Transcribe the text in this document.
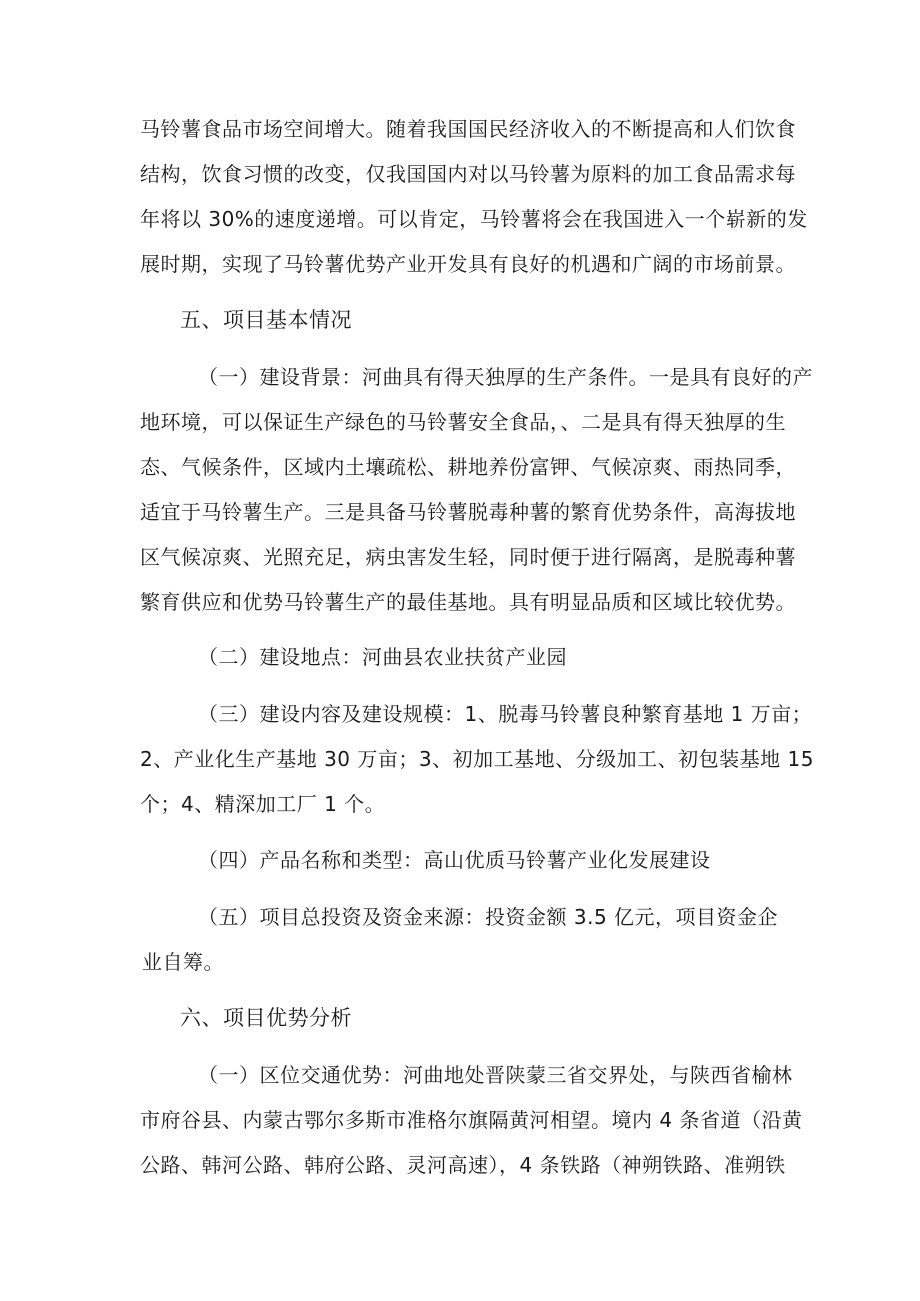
马铃薯食品市场空间增大。随着我国国民经济收入的不断提高和人们饮食
结构，饮食习惯的改变，仅我国国内对以马铃薯为原料的加工食品需求每
年将以 30%的速度递增。可以肯定，马铃薯将会在我国进入一个崭新的发
展时期，实现了马铃薯优势产业开发具有良好的机遇和广阔的市场前景。
五、项目基本情况
（一）建设背景：河曲具有得天独厚的生产条件。一是具有良好的产
地环境，可以保证生产绿色的马铃薯安全食品，、二是具有得天独厚的生
态、气候条件，区域内土壤疏松、耕地养份富钾、气候凉爽、雨热同季，
适宜于马铃薯生产。三是具备马铃薯脱毒种薯的繁育优势条件，高海拔地
区气候凉爽、光照充足，病虫害发生轻，同时便于进行隔离，是脱毒种薯
繁育供应和优势马铃薯生产的最佳基地。具有明显品质和区域比较优势。
（二）建设地点：河曲县农业扶贫产业园
（三）建设内容及建设规模：1、脱毒马铃薯良种繁育基地 1 万亩；
2、产业化生产基地 30 万亩；3、初加工基地、分级加工、初包装基地 15
个；4、精深加工厂 1 个。
（四）产品名称和类型：高山优质马铃薯产业化发展建设
（五）项目总投资及资金来源：投资金额 3.5 亿元，项目资金企
业自筹。
六、项目优势分析
（一）区位交通优势：河曲地处晋陕蒙三省交界处，与陕西省榆林
市府谷县、内蒙古鄂尔多斯市准格尔旗隔黄河相望。境内 4 条省道（沿黄
公路、韩河公路、韩府公路、灵河高速），4 条铁路（神朔铁路、准朔铁
